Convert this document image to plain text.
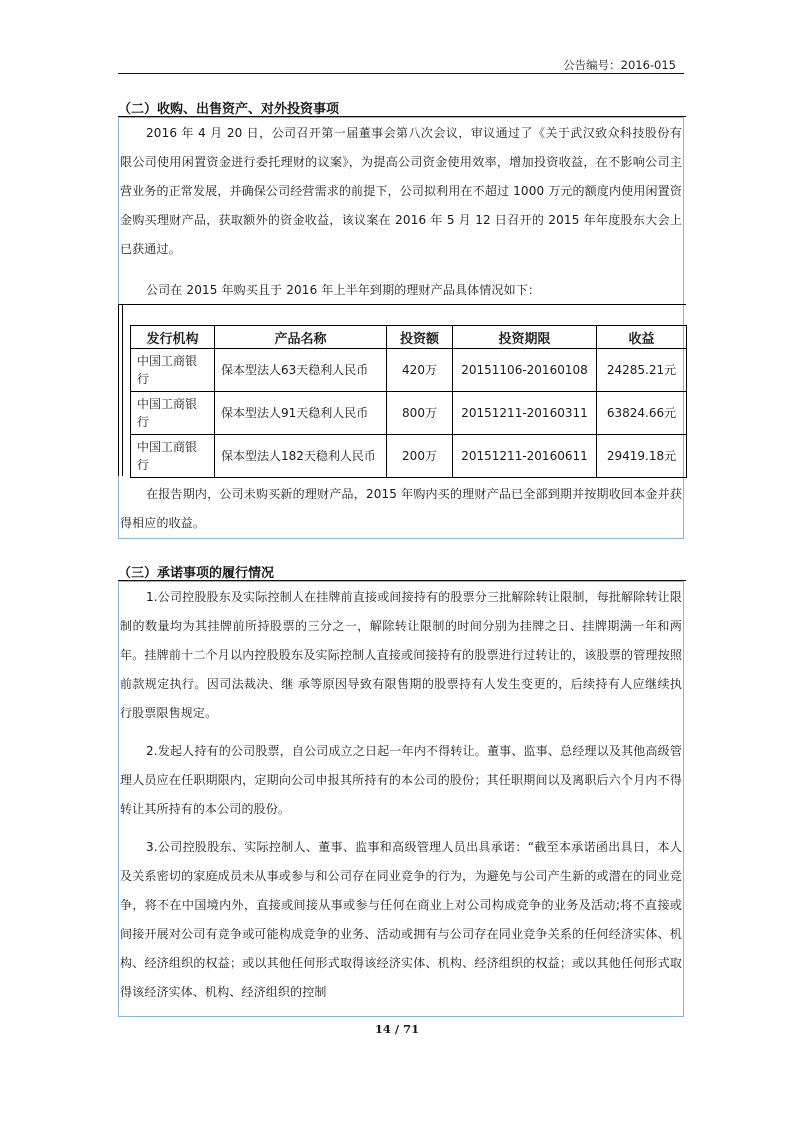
公告编号：2016-015
（二）收购、出售资产、对外投资事项
2016 年 4 月 20 日，公司召开第一届董事会第八次会议，审议通过了《关于武汉致众科技股份有限公司使用闲置资金进行委托理财的议案》，为提高公司资金使用效率，增加投资收益，在不影响公司主营业务的正常发展，并确保公司经营需求的前提下，公司拟利用在不超过 1000 万元的额度内使用闲置资金购买理财产品，获取额外的资金收益，该议案在 2016 年 5 月 12 日召开的 2015 年年度股东大会上已获通过。
公司在 2015 年购买且于 2016 年上半年到期的理财产品具体情况如下：
发行机构	产品名称	投资额	投资期限	收益
中国工商银行	保本型法人63天稳利人民币	420万	20151106-20160108	24285.21元
中国工商银行	保本型法人91天稳利人民币	800万	20151211-20160311	63824.66元
中国工商银行	保本型法人182天稳利人民币	200万	20151211-20160611	29419.18元
在报告期内，公司未购买新的理财产品，2015 年购内买的理财产品已全部到期并按期收回本金并获得相应的收益。
（三）承诺事项的履行情况
1.公司控股股东及实际控制人在挂牌前直接或间接持有的股票分三批解除转让限制，每批解除转让限制的数量均为其挂牌前所持股票的三分之一，解除转让限制的时间分别为挂牌之日、挂牌期满一年和两年。挂牌前十二个月以内控股股东及实际控制人直接或间接持有的股票进行过转让的，该股票的管理按照前款规定执行。因司法裁决、继 承等原因导致有限售期的股票持有人发生变更的，后续持有人应继续执行股票限售规定。
2.发起人持有的公司股票，自公司成立之日起一年内不得转让。董事、监事、总经理以及其他高级管理人员应在任职期限内，定期向公司申报其所持有的本公司的股份；其任职期间以及离职后六个月内不得转让其所持有的本公司的股份。
3.公司控股股东、实际控制人、董事、监事和高级管理人员出具承诺：“截至本承诺函出具日，本人及关系密切的家庭成员未从事或参与和公司存在同业竞争的行为，为避免与公司产生新的或潜在的同业竞争，将不在中国境内外，直接或间接从事或参与任何在商业上对公司构成竞争的业务及活动;将不直接或间接开展对公司有竞争或可能构成竞争的业务、活动或拥有与公司存在同业竞争关系的任何经济实体、机构、经济组织的权益；或以其他任何形式取得该经济实体、机构、经济组织的权益；或以其他任何形式取得该经济实体、机构、经济组织的控制
14 / 71
